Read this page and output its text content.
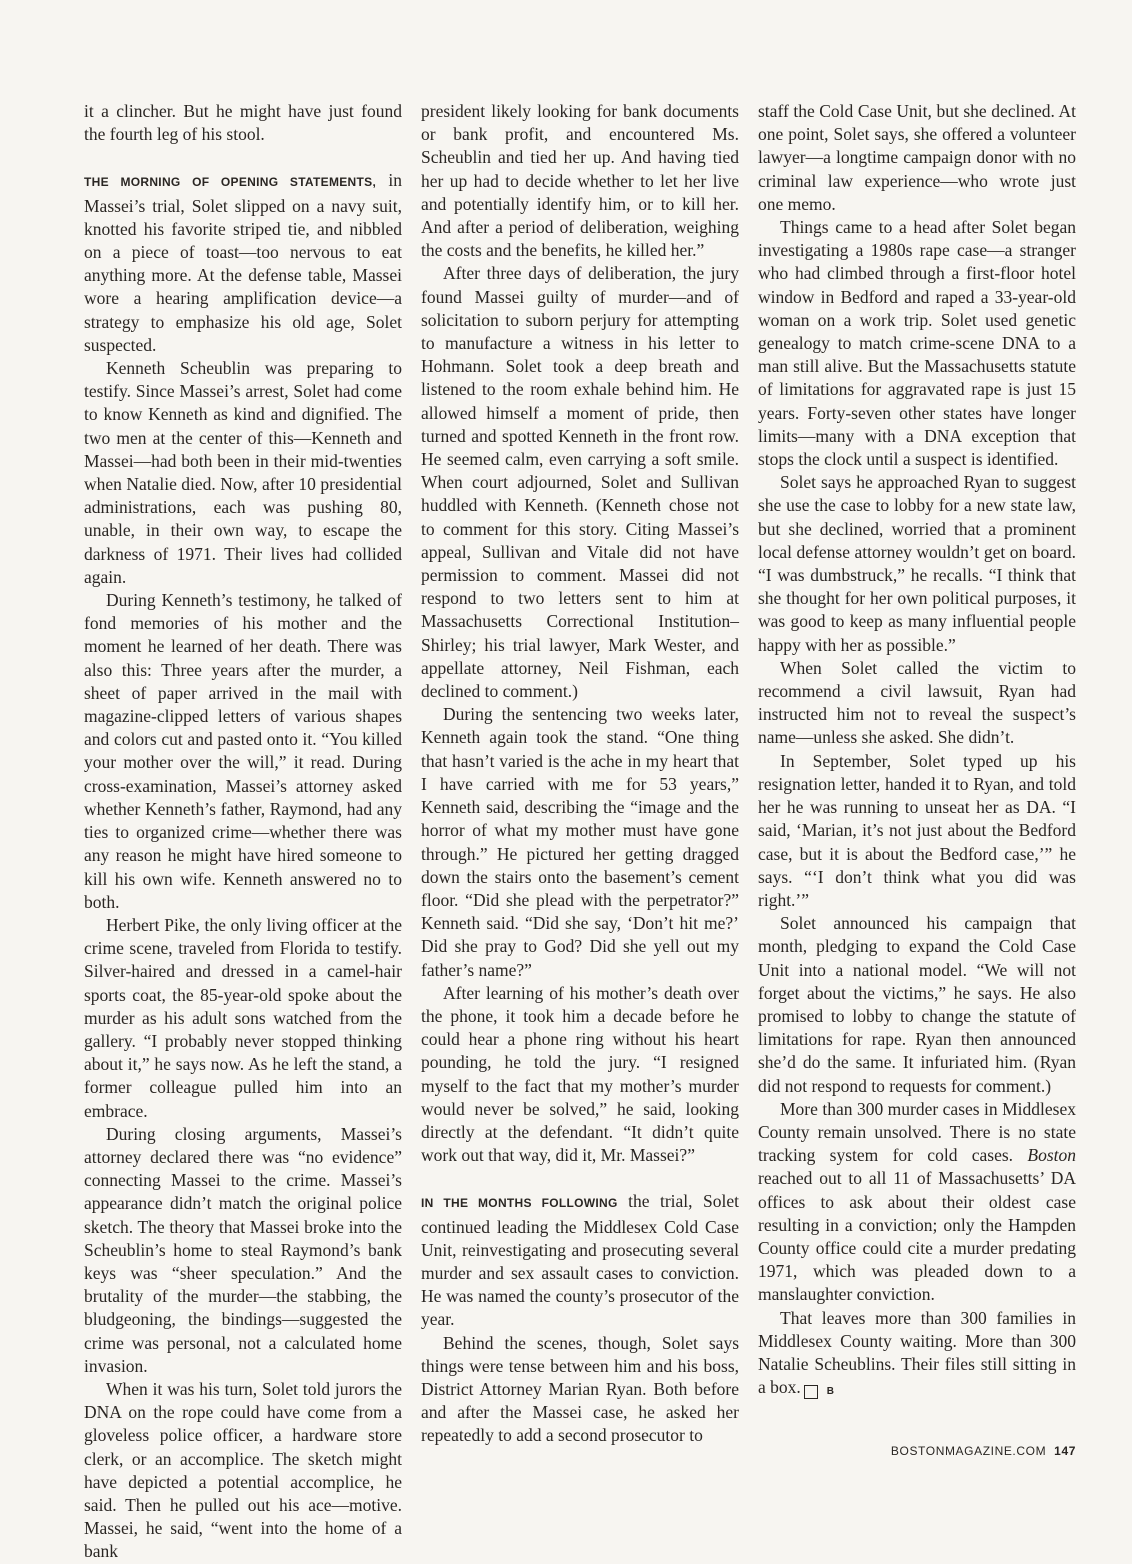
it a clincher. But he might have just found the fourth leg of his stool.

THE MORNING OF OPENING STATEMENTS, in Massei’s trial, Solet slipped on a navy suit, knotted his favorite striped tie, and nibbled on a piece of toast—too nervous to eat anything more. At the defense table, Massei wore a hearing amplification device—a strategy to emphasize his old age, Solet suspected.

Kenneth Scheublin was preparing to testify. Since Massei’s arrest, Solet had come to know Kenneth as kind and dignified. The two men at the center of this—Kenneth and Massei—had both been in their mid-twenties when Natalie died. Now, after 10 presidential administrations, each was pushing 80, unable, in their own way, to escape the darkness of 1971. Their lives had collided again.

During Kenneth’s testimony, he talked of fond memories of his mother and the moment he learned of her death. There was also this: Three years after the murder, a sheet of paper arrived in the mail with magazine-clipped letters of various shapes and colors cut and pasted onto it. “You killed your mother over the will,” it read. During cross-examination, Massei’s attorney asked whether Kenneth’s father, Raymond, had any ties to organized crime—whether there was any reason he might have hired someone to kill his own wife. Kenneth answered no to both.

Herbert Pike, the only living officer at the crime scene, traveled from Florida to testify. Silver-haired and dressed in a camel-hair sports coat, the 85-year-old spoke about the murder as his adult sons watched from the gallery. “I probably never stopped thinking about it,” he says now. As he left the stand, a former colleague pulled him into an embrace.

During closing arguments, Massei’s attorney declared there was “no evidence” connecting Massei to the crime. Massei’s appearance didn’t match the original police sketch. The theory that Massei broke into the Scheublin’s home to steal Raymond’s bank keys was “sheer speculation.” And the brutality of the murder—the stabbing, the bludgeoning, the bindings—suggested the crime was personal, not a calculated home invasion.

When it was his turn, Solet told jurors the DNA on the rope could have come from a gloveless police officer, a hardware store clerk, or an accomplice. The sketch might have depicted a potential accomplice, he said. Then he pulled out his ace—motive. Massei, he said, “went into the home of a bank

president likely looking for bank documents or bank profit, and encountered Ms. Scheublin and tied her up. And having tied her up had to decide whether to let her live and potentially identify him, or to kill her. And after a period of deliberation, weighing the costs and the benefits, he killed her.”

After three days of deliberation, the jury found Massei guilty of murder—and of solicitation to suborn perjury for attempting to manufacture a witness in his letter to Hohmann. Solet took a deep breath and listened to the room exhale behind him. He allowed himself a moment of pride, then turned and spotted Kenneth in the front row. He seemed calm, even carrying a soft smile. When court adjourned, Solet and Sullivan huddled with Kenneth. (Kenneth chose not to comment for this story. Citing Massei’s appeal, Sullivan and Vitale did not have permission to comment. Massei did not respond to two letters sent to him at Massachusetts Correctional Institution–Shirley; his trial lawyer, Mark Wester, and appellate attorney, Neil Fishman, each declined to comment.)

During the sentencing two weeks later, Kenneth again took the stand. “One thing that hasn’t varied is the ache in my heart that I have carried with me for 53 years,” Kenneth said, describing the “image and the horror of what my mother must have gone through.” He pictured her getting dragged down the stairs onto the basement’s cement floor. “Did she plead with the perpetrator?” Kenneth said. “Did she say, ‘Don’t hit me?’ Did she pray to God? Did she yell out my father’s name?”

After learning of his mother’s death over the phone, it took him a decade before he could hear a phone ring without his heart pounding, he told the jury. “I resigned myself to the fact that my mother’s murder would never be solved,” he said, looking directly at the defendant. “It didn’t quite work out that way, did it, Mr. Massei?”

IN THE MONTHS FOLLOWING the trial, Solet continued leading the Middlesex Cold Case Unit, reinvestigating and prosecuting several murder and sex assault cases to conviction. He was named the county’s prosecutor of the year.

Behind the scenes, though, Solet says things were tense between him and his boss, District Attorney Marian Ryan. Both before and after the Massei case, he asked her repeatedly to add a second prosecutor to

staff the Cold Case Unit, but she declined. At one point, Solet says, she offered a volunteer lawyer—a longtime campaign donor with no criminal law experience—who wrote just one memo.

Things came to a head after Solet began investigating a 1980s rape case—a stranger who had climbed through a first-floor hotel window in Bedford and raped a 33-year-old woman on a work trip. Solet used genetic genealogy to match crime-scene DNA to a man still alive. But the Massachusetts statute of limitations for aggravated rape is just 15 years. Forty-seven other states have longer limits—many with a DNA exception that stops the clock until a suspect is identified.

Solet says he approached Ryan to suggest she use the case to lobby for a new state law, but she declined, worried that a prominent local defense attorney wouldn’t get on board. “I was dumbstruck,” he recalls. “I think that she thought for her own political purposes, it was good to keep as many influential people happy with her as possible.”

When Solet called the victim to recommend a civil lawsuit, Ryan had instructed him not to reveal the suspect’s name—unless she asked. She didn’t.

In September, Solet typed up his resignation letter, handed it to Ryan, and told her he was running to unseat her as DA. “I said, ‘Marian, it’s not just about the Bedford case, but it is about the Bedford case,’” he says. “‘I don’t think what you did was right.’”

Solet announced his campaign that month, pledging to expand the Cold Case Unit into a national model. “We will not forget about the victims,” he says. He also promised to lobby to change the statute of limitations for rape. Ryan then announced she’d do the same. It infuriated him. (Ryan did not respond to requests for comment.)

More than 300 murder cases in Middlesex County remain unsolved. There is no state tracking system for cold cases. Boston reached out to all 11 of Massachusetts’ DA offices to ask about their oldest case resulting in a conviction; only the Hampden County office could cite a murder predating 1971, which was pleaded down to a manslaughter conviction.

That leaves more than 300 families in Middlesex County waiting. More than 300 Natalie Scheublins. Their files still sitting in a box.	B

BOSTONMAGAZINE.COM 147
